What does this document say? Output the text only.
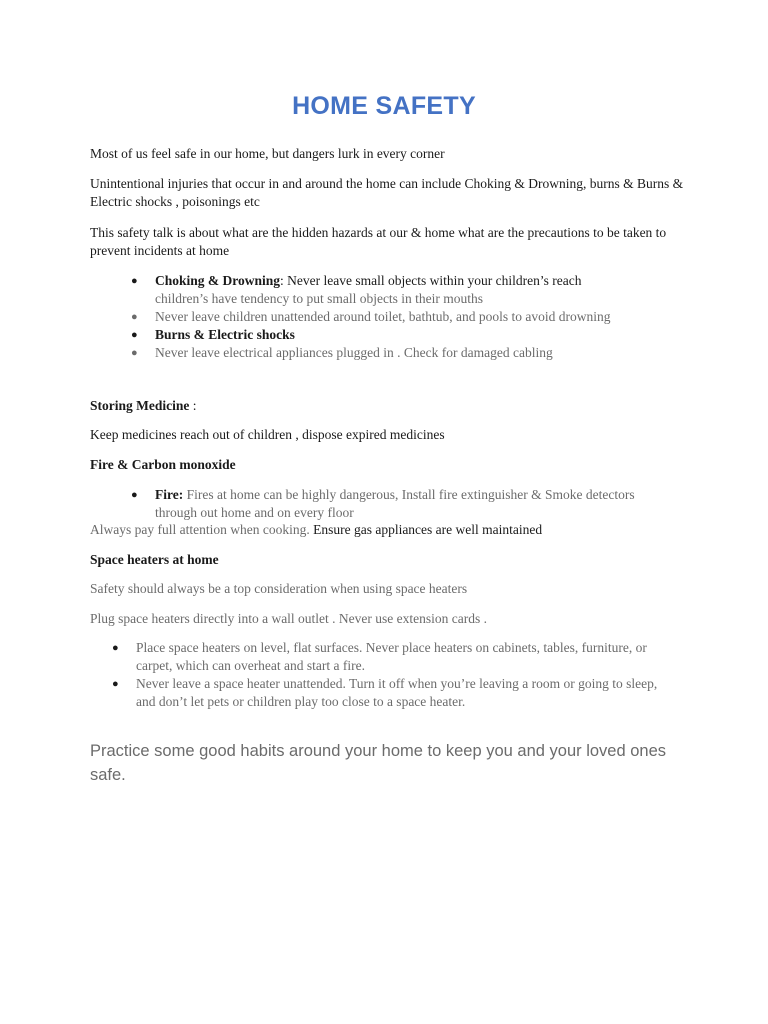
HOME SAFETY

Most of us feel safe in our home, but dangers lurk in every corner

Unintentional injuries that occur in and around the home can include Choking & Drowning, burns & Burns & Electric shocks , poisonings etc

This safety talk is about what are the hidden hazards at our & home what are the precautions to be taken to prevent incidents at home

● Choking & Drowning: Never leave small objects within your children’s reach
children’s have tendency to put small objects in their mouths
● Never leave children unattended around toilet, bathtub, and pools to avoid drowning
● Burns & Electric shocks
● Never leave electrical appliances plugged in . Check for damaged cabling

Storing Medicine :

Keep medicines reach out of children , dispose expired medicines

Fire & Carbon monoxide

● Fire: Fires at home can be highly dangerous, Install fire extinguisher & Smoke detectors through out home and on every floor

Always pay full attention when cooking. Ensure gas appliances are well maintained

Space heaters at home

Safety should always be a top consideration when using space heaters

Plug space heaters directly into a wall outlet . Never use extension cards .

● Place space heaters on level, flat surfaces. Never place heaters on cabinets, tables, furniture, or carpet, which can overheat and start a fire.
● Never leave a space heater unattended. Turn it off when you’re leaving a room or going to sleep, and don’t let pets or children play too close to a space heater.
Practice some good habits around your home to keep you and your loved ones safe.
